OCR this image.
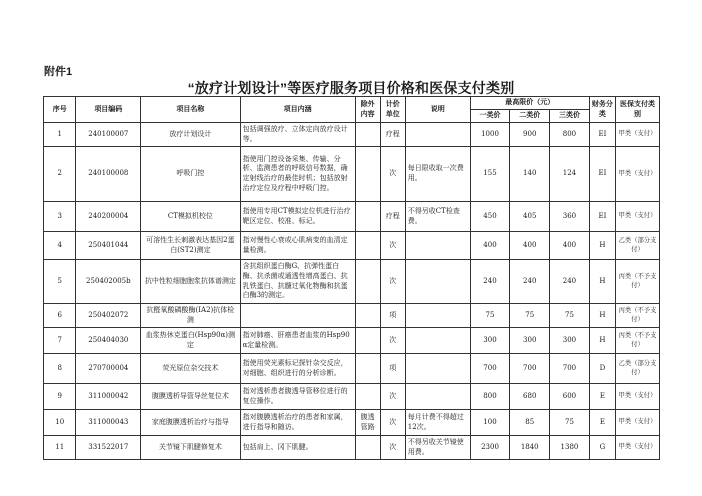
附件1
“放疗计划设计”等医疗服务项目价格和医保支付类别
序号	项目编码	项目名称	项目内涵	除外内容	计价单位	说明	最高限价（元）			财务分类	医保支付类别
							一类价	二类价	三类价		
1	240100007	放疗计划设计	包括调强放疗、立体定向放疗设计等。		疗程		1000	900	800	EI	甲类（支付）
2	240100008	呼吸门控	指使用门控设备采集、传输、分析、监测患者的呼吸信号数据，确定射线治疗的最佳时机；包括放射治疗定位及疗程中呼吸门控。		次	每日限收取一次费用。	155	140	124	EI	甲类（支付）
3	240200004	CT模拟机校位	指使用专用CT模拟定位机进行治疗靶区定位、校准、标记。		疗程	不得另收CT检查费。	450	405	360	EI	甲类（支付）
4	250401044	可溶性生长刺激表达基因2蛋白(ST2)测定	指对慢性心衰或心肌病变的血清定量检测。		次		400	400	400	H	乙类（部分支付）
5	250402005b	抗中性粒细胞胞浆抗体谱测定	含抗组织蛋白酶G、抗弹性蛋白酶、抗杀菌或通透性增高蛋白、抗乳铁蛋白、抗髓过氧化物酶和抗蛋白酶3的测定。		次		240	240	240	H	丙类（不予支付）
6	250402072	抗醛氧酸磷酸酶(IA2)抗体检测			项		75	75	75	H	丙类（不予支付）
7	250404030	血浆热休克蛋白(Hsp90α)测定	指对肺癌、肝癌患者血浆的Hsp90α定量检测。		次		300	300	300	H	丙类（不予支付）
8	270700004	荧光原位杂交技术	指使用荧光素标记探针杂交反应，对细胞、组织进行的分析诊断。		项		700	700	700	D	乙类（部分支付）
9	311000042	腹膜透析导管导丝复位术	指对透析患者腹透导管移位进行的复位操作。		次		800	680	600	E	甲类（支付）
10	311000043	家庭腹膜透析治疗与指导	指对腹膜透析治疗的患者和家属，进行指导和随访。	腹透管路	次	每月计费不得超过12次。	100	85	75	E	甲类（支付）
11	331522017	关节镜下肌腱修复术	包括肩上、冈下肌腱。		次	不得另收关节镜使用费。	2300	1840	1380	G	甲类（支付）
